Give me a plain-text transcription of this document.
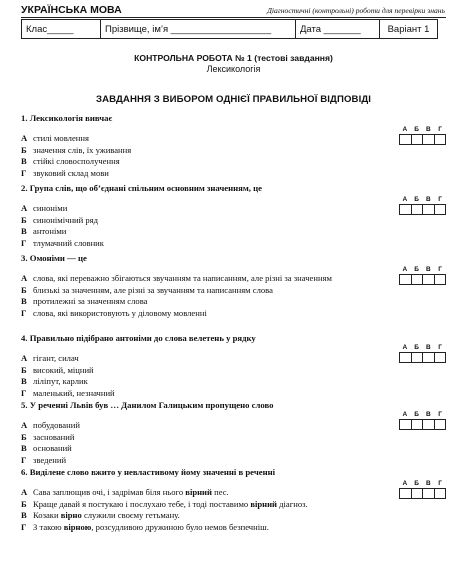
УКРАЇНСЬКА МОВА	Діагностичні (контрольні) роботи для перевірки знань
Клас_____	Прізвище, ім’я ___________________	Дата _______	Варіант 1
КОНТРОЛЬНА РОБОТА № 1 (тестові завдання)
Лексикологія
ЗАВДАННЯ З ВИБОРОМ ОДНІЄЇ ПРАВИЛЬНОЇ ВІДПОВІДІ
1. Лексикологія вивчає
А стилі мовлення
Б значення слів, їх уживання
В стійкі словосполучення
Г звуковий склад мови
А	Б	В	Г
2. Група слів, що об’єднані спільним основним значенням, це
А синоніми
Б синонімічний ряд
В антоніми
Г тлумачний словник
А	Б	В	Г
3. Омоніми — це
А слова, які переважно збігаються звучанням та написанням, але різні за значенням
Б близькі за значенням, але різні за звучанням та написанням слова
В протилежні за значенням слова
Г слова, які використовують у діловому мовленні
А	Б	В	Г
4. Правильно підібрано антоніми до слова велетень у рядку
А гігант, силач
Б високий, міцний
В ліліпут, карлик
Г маленький, незначний
А	Б	В	Г
5. У реченні Львів був … Данилом Галицьким пропущено слово
А побудований
Б заснований
В оснований
Г зведений
А	Б	В	Г
6. Виділене слово вжито у невластивому йому значенні в реченні
А Сава заплющив очі, і задрімав біля нього вірний пес.
Б Краще давай я постукаю і послухаю тебе, і тоді поставимо вірний діагноз.
В Козаки вірно служили своєму гетьману.
Г З такою вірною, розсудливою дружиною було немов безпечніш.
А	Б	В	Г
